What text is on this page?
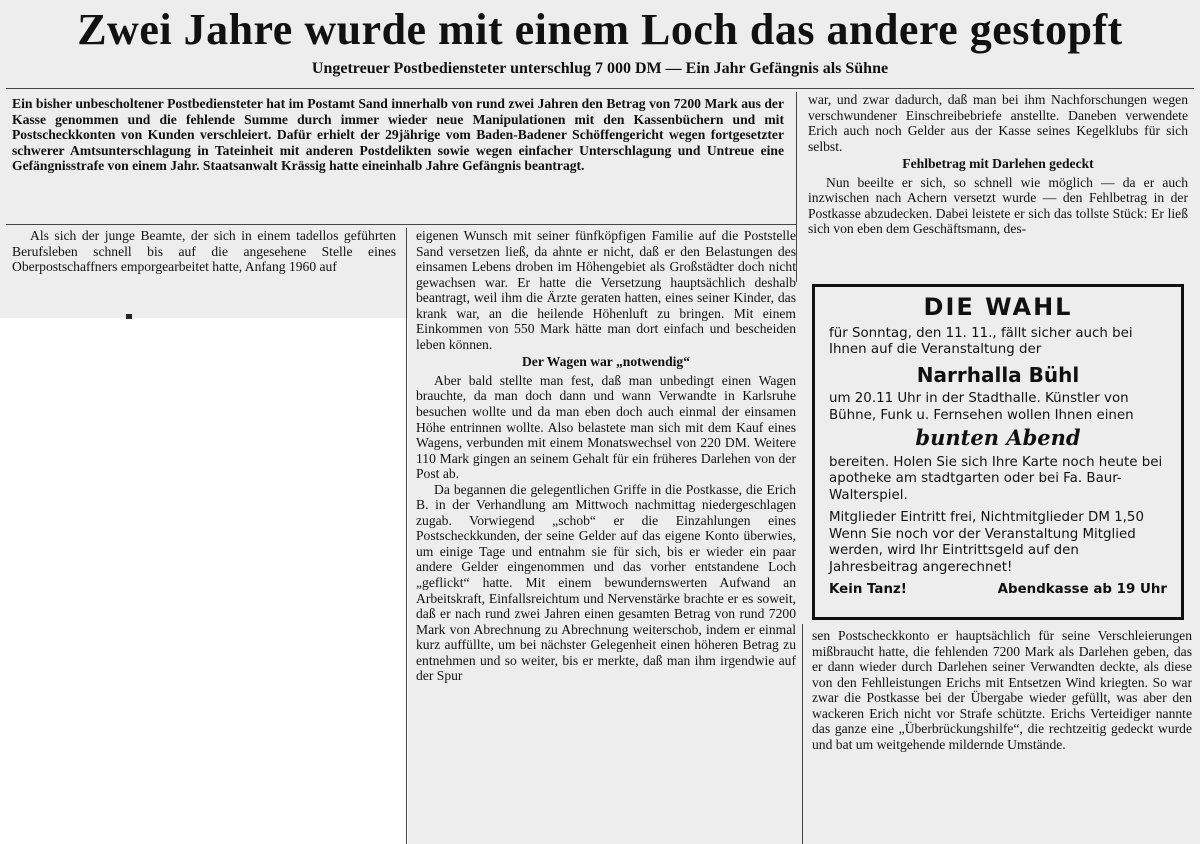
Zwei Jahre wurde mit einem Loch das andere gestopft
Ungetreuer Postbediensteter unterschlug 7 000 DM — Ein Jahr Gefängnis als Sühne
Ein bisher unbescholtener Postbediensteter hat im Postamt Sand innerhalb von rund zwei Jahren den Betrag von 7200 Mark aus der Kasse genommen und die fehlende Summe durch immer wieder neue Manipulationen mit den Kassenbüchern und mit Postscheckkonten von Kunden verschleiert. Dafür erhielt der 29jährige vom Baden-Badener Schöffengericht wegen fortgesetzter schwerer Amtsunterschlagung in Tateinheit mit anderen Postdelikten sowie wegen einfacher Unterschlagung und Untreue eine Gefängnisstrafe von einem Jahr. Staatsanwalt Krässig hatte eineinhalb Jahre Gefängnis beantragt.

Als sich der junge Beamte, der sich in einem tadellos geführten Berufsleben schnell bis auf die angesehene Stelle eines Oberpostschaffners emporgearbeitet hatte, Anfang 1960 auf

eigenen Wunsch mit seiner fünfköpfigen Familie auf die Poststelle Sand versetzen ließ, da ahnte er nicht, daß er den Belastungen des einsamen Lebens droben im Höhengebiet als Großstädter doch nicht gewachsen war. Er hatte die Versetzung hauptsächlich deshalb beantragt, weil ihm die Ärzte geraten hatten, eines seiner Kinder, das krank war, an die heilende Höhenluft zu bringen. Mit einem Einkommen von 550 Mark hätte man dort einfach und bescheiden leben können.

Der Wagen war „notwendig“

Aber bald stellte man fest, daß man unbedingt einen Wagen brauchte, da man doch dann und wann Verwandte in Karlsruhe besuchen wollte und da man eben doch auch einmal der einsamen Höhe entrinnen wollte. Also belastete man sich mit dem Kauf eines Wagens, verbunden mit einem Monatswechsel von 220 DM. Weitere 110 Mark gingen an seinem Gehalt für ein früheres Darlehen von der Post ab.

Da begannen die gelegentlichen Griffe in die Postkasse, die Erich B. in der Verhandlung am Mittwoch nachmittag niedergeschlagen zugab. Vorwiegend „schob“ er die Einzahlungen eines Postscheckkunden, der seine Gelder auf das eigene Konto überwies, um einige Tage und entnahm sie für sich, bis er wieder ein paar andere Gelder eingenommen und das vorher entstandene Loch „geflickt“ hatte. Mit einem bewundernswerten Aufwand an Arbeitskraft, Einfallsreichtum und Nervenstärke brachte er es soweit, daß er nach rund zwei Jahren einen gesamten Betrag von rund 7200 Mark von Abrechnung zu Abrechnung weiterschob, indem er einmal kurz auffüllte, um bei nächster Gelegenheit einen höheren Betrag zu entnehmen und so weiter, bis er merkte, daß man ihm irgendwie auf der Spur

war, und zwar dadurch, daß man bei ihm Nachforschungen wegen verschwundener Einschreibebriefe anstellte. Daneben verwendete Erich auch noch Gelder aus der Kasse seines Kegelklubs für sich selbst.

Fehlbetrag mit Darlehen gedeckt

Nun beeilte er sich, so schnell wie möglich — da er auch inzwischen nach Achern versetzt wurde — den Fehlbetrag in der Postkasse abzudecken. Dabei leistete er sich das tollste Stück: Er ließ sich von eben dem Geschäftsmann, des-

DIE WAHL

für Sonntag, den 11. 11., fällt sicher auch bei Ihnen auf die Veranstaltung der

Narrhalla Bühl

um 20.11 Uhr in der Stadthalle. Künstler von Bühne, Funk u. Fernsehen wollen Ihnen einen

bunten Abend

bereiten. Holen Sie sich Ihre Karte noch heute bei apotheke am stadtgarten oder bei Fa. Baur-Walterspiel.

Mitglieder Eintritt frei, Nichtmitglieder DM 1,50 Wenn Sie noch vor der Veranstaltung Mitglied werden, wird Ihr Eintrittsgeld auf den Jahresbeitrag angerechnet!

Kein Tanz!	Abendkasse ab 19 Uhr

sen Postscheckkonto er hauptsächlich für seine Verschleierungen mißbraucht hatte, die fehlenden 7200 Mark als Darlehen geben, das er dann wieder durch Darlehen seiner Verwandten deckte, als diese von den Fehlleistungen Erichs mit Entsetzen Wind kriegten. So war zwar die Postkasse bei der Übergabe wieder gefüllt, was aber den wackeren Erich nicht vor Strafe schützte. Erichs Verteidiger nannte das ganze eine „Überbrückungshilfe“, die rechtzeitig gedeckt wurde und bat um weitgehende mildernde Umstände.
